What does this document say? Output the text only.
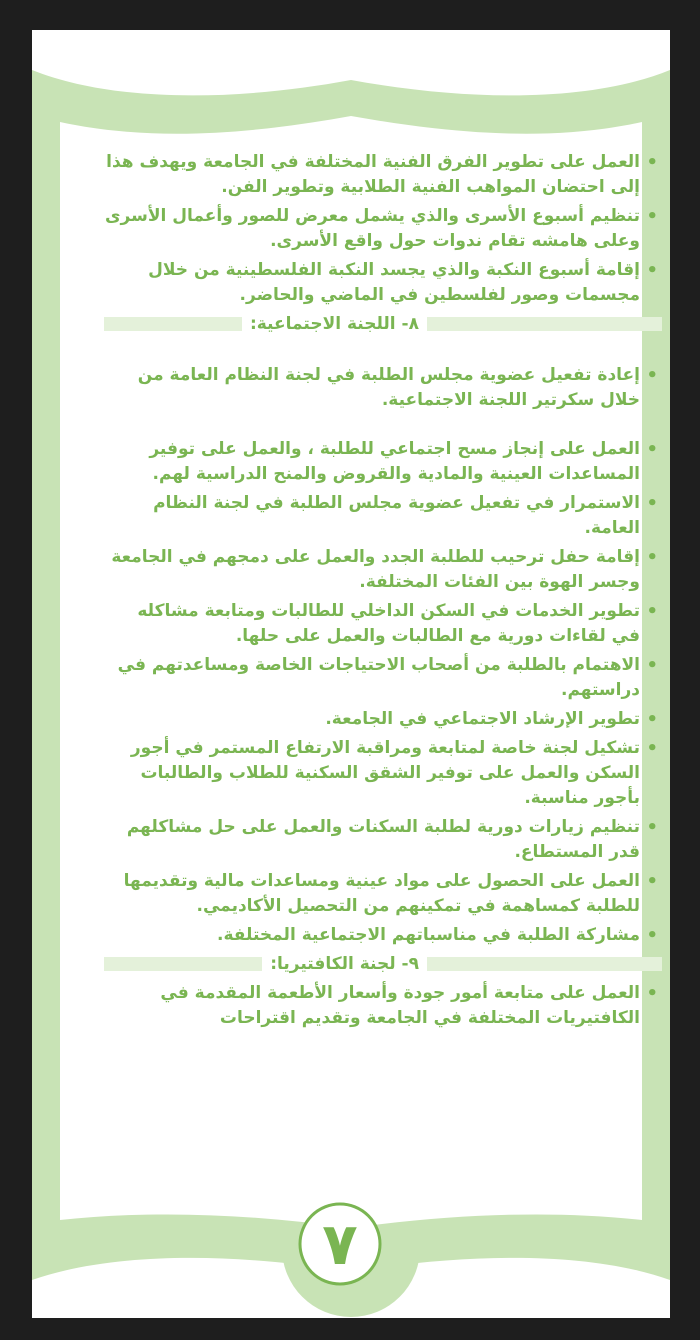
٧
•
العمل على تطوير الفرق الفنية المختلفة في الجامعة ويهدف هذا إلى احتضان المواهب الفنية الطلابية وتطوير الفن.
•
تنظيم أسبوع الأسرى والذي يشمل معرض للصور وأعمال الأسرى وعلى هامشه تقام ندوات حول واقع الأسرى.
•
إقامة أسبوع النكبة والذي يجسد النكبة الفلسطينية من خلال مجسمات وصور لفلسطين في الماضي والحاضر.
٨- اللجنة الاجتماعية:
•
إعادة تفعيل عضوية مجلس الطلبة في لجنة النظام العامة من خلال سكرتير اللجنة الاجتماعية.
•
العمل على إنجاز مسح اجتماعي للطلبة ، والعمل على توفير المساعدات العينية والمادية والقروض والمنح الدراسية لهم.
•
الاستمرار في تفعيل عضوية مجلس الطلبة في لجنة النظام العامة.
•
إقامة حفل ترحيب للطلبة الجدد والعمل على دمجهم في الجامعة وجسر الهوة بين الفئات المختلفة.
•
تطوير الخدمات في السكن الداخلي للطالبات ومتابعة مشاكله في لقاءات دورية مع الطالبات والعمل على حلها.
•
الاهتمام بالطلبة من أصحاب الاحتياجات الخاصة ومساعدتهم في دراستهم.
•
تطوير الإرشاد الاجتماعي في الجامعة.
•
تشكيل لجنة خاصة لمتابعة ومراقبة الارتفاع المستمر في أجور السكن والعمل على توفير الشقق السكنية للطلاب والطالبات بأجور مناسبة.
•
تنظيم زيارات دورية لطلبة السكنات والعمل على حل مشاكلهم قدر المستطاع.
•
العمل على الحصول على مواد عينية ومساعدات مالية وتقديمها للطلبة كمساهمة في تمكينهم من التحصيل الأكاديمي.
•
مشاركة الطلبة في مناسباتهم الاجتماعية المختلفة.
٩- لجنة الكافتيريا:
•
العمل على متابعة أمور جودة وأسعار الأطعمة المقدمة في الكافتيريات المختلفة في الجامعة وتقديم اقتراحات
